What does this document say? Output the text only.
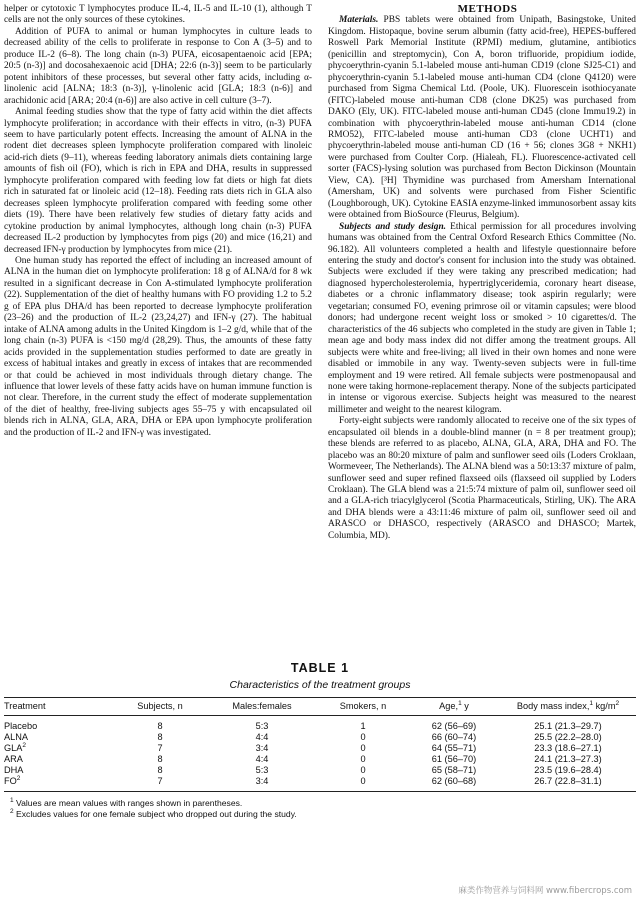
helper or cytotoxic T lymphocytes produce IL-4, IL-5 and IL-10 (1), although T cells are not the only sources of these cytokines.

Addition of PUFA to animal or human lymphocytes in culture leads to decreased ability of the cells to proliferate in response to Con A (3–5) and to produce IL-2 (6–8). The long chain (n-3) PUFA, eicosapentaenoic acid [EPA; 20:5 (n-3)] and docosahexaenoic acid [DHA; 22:6 (n-3)] seem to be particularly potent inhibitors of these processes, but several other fatty acids, including α-linolenic acid [ALNA; 18:3 (n-3)], γ-linolenic acid [GLA; 18:3 (n-6)] and arachidonic acid [ARA; 20:4 (n-6)] are also active in cell culture (3–7).

Animal feeding studies show that the type of fatty acid within the diet affects lymphocyte proliferation; in accordance with their effects in vitro, (n-3) PUFA seem to have particularly potent effects. Increasing the amount of ALNA in the rodent diet decreases spleen lymphocyte proliferation compared with linoleic acid-rich diets (9–11), whereas feeding laboratory animals diets containing large amounts of fish oil (FO), which is rich in EPA and DHA, results in suppressed lymphocyte proliferation compared with feeding low fat diets or high fat diets rich in saturated fat or linoleic acid (12–18). Feeding rats diets rich in GLA also decreases spleen lymphocyte proliferation compared with feeding some other diets (19). There have been relatively few studies of dietary fatty acids and cytokine production by animal lymphocytes, although long chain (n-3) PUFA decreased IL-2 production by lymphocytes from pigs (20) and mice (16,21) and decreased IFN-γ production by lymphocytes from mice (21).

One human study has reported the effect of including an increased amount of ALNA in the human diet on lymphocyte proliferation: 18 g of ALNA/d for 8 wk resulted in a significant decrease in Con A-stimulated lymphocyte proliferation (22). Supplementation of the diet of healthy humans with FO providing 1.2 to 5.2 g of EPA plus DHA/d has been reported to decrease lymphocyte proliferation (23–26) and the production of IL-2 (23,24,27) and IFN-γ (27). The habitual intake of ALNA among adults in the United Kingdom is 1–2 g/d, while that of the long chain (n-3) PUFA is <150 mg/d (28,29). Thus, the amounts of these fatty acids provided in the supplementation studies performed to date are greatly in excess of habitual intakes and greatly in excess of intakes that are recommended or that could be achieved in most individuals through dietary change. The influence that lower levels of these fatty acids have on human immune function is not clear. Therefore, in the current study the effect of moderate supplementation of the diet of healthy, free-living subjects ages 55–75 y with encapsulated oil blends rich in ALNA, GLA, ARA, DHA or EPA upon lymphocyte proliferation and the production of IL-2 and IFN-γ was investigated.

METHODS

Materials. PBS tablets were obtained from Unipath, Basingstoke, United Kingdom. Histopaque, bovine serum albumin (fatty acid-free), HEPES-buffered Roswell Park Memorial Institute (RPMI) medium, glutamine, antibiotics (penicillin and streptomycin), Con A, boron trifluoride, propidium iodide, phycoerythrin-cyanin 5.1-labeled mouse anti-human CD19 (clone SJ25-C1) and phycoerythrin-cyanin 5.1-labeled mouse anti-human CD4 (clone Q4120) were purchased from Sigma Chemical Ltd. (Poole, UK). Fluorescein isothiocyanate (FITC)-labeled mouse anti-human CD8 (clone DK25) was purchased from DAKO (Ely, UK). FITC-labeled mouse anti-human CD45 (clone Immu19.2) in combination with phycoerythrin-labeled mouse anti-human CD14 (clone RMO52), FITC-labeled mouse anti-human CD3 (clone UCHT1) and phycoerythrin-labeled mouse anti-human CD (16 + 56; clones 3G8 + NKH1) were purchased from Coulter Corp. (Hialeah, FL). Fluorescence-activated cell sorter (FACS)-lysing solution was purchased from Becton Dickinson (Mountain View, CA). [³H] Thymidine was purchased from Amersham International (Amersham, UK) and solvents were purchased from Fisher Scientific (Loughborough, UK). Cytokine EASIA enzyme-linked immunosorbent assay kits were obtained from BioSource (Fleurus, Belgium).

Subjects and study design. Ethical permission for all procedures involving humans was obtained from the Central Oxford Research Ethics Committee (No. 96.182). All volunteers completed a health and lifestyle questionnaire before entering the study and doctor's consent for inclusion into the study was obtained. Subjects were excluded if they were taking any prescribed medication; had diagnosed hypercholesterolemia, hypertriglyceridemia, coronary heart disease, diabetes or a chronic inflammatory disease; took aspirin regularly; were vegetarian; consumed FO, evening primrose oil or vitamin capsules; were blood donors; had undergone recent weight loss or smoked > 10 cigarettes/d. The characteristics of the 46 subjects who completed in the study are given in Table 1; mean age and body mass index did not differ among the treatment groups. All subjects were white and free-living; all lived in their own homes and none were disabled or immobile in any way. Twenty-seven subjects were in full-time employment and 19 were retired. All female subjects were postmenopausal and none were taking hormone-replacement therapy. None of the subjects participated in intense or vigorous exercise. Subjects height was measured to the nearest millimeter and weight to the nearest kilogram.

Forty-eight subjects were randomly allocated to receive one of the six types of encapsulated oil blends in a double-blind manner (n = 8 per treatment group); these blends are referred to as placebo, ALNA, GLA, ARA, DHA and FO. The placebo was an 80:20 mixture of palm and sunflower seed oils (Loders Croklaan, Wormeveer, The Netherlands). The ALNA blend was a 50:13:37 mixture of palm, sunflower seed and super refined flaxseed oils (flaxseed oil supplied by Loders Croklaan). The GLA blend was a 21:5:74 mixture of palm oil, sunflower seed oil and a GLA-rich triacylglycerol (Scotia Pharmaceuticals, Stirling, UK). The ARA and DHA blends were a 43:11:46 mixture of palm oil, sunflower seed oil and ARASCO or DHASCO, respectively (ARASCO and DHASCO; Martek, Columbia, MD).

TABLE 1

Characteristics of the treatment groups

Treatment	Subjects, n	Males:females	Smokers, n	Age,$^1$ y	Body mass index,$^1$ $kg/m^2$
Placebo	8	5:3	1	62 (56–69)	25.1 (21.3–29.7)
ALNA	8	4:4	0	66 (60–74)	25.5 (22.2–28.0)
GLA$^2$	7	3:4	0	64 (55–71)	23.3 (18.6–27.1)
ARA	8	4:4	0	61 (56–70)	24.1 (21.3–27.3)
DHA	8	5:3	0	65 (58–71)	23.5 (19.6–28.4)
$FO^2$	7	3:4	0	62 (60–68)	26.7 (22.8–31.1)
$^1$ Values are mean values with ranges shown in parentheses.
$^2$ Excludes values for one female subject who dropped out during the study.
麻类作物营养与饲料网 www.fibercrops.com
